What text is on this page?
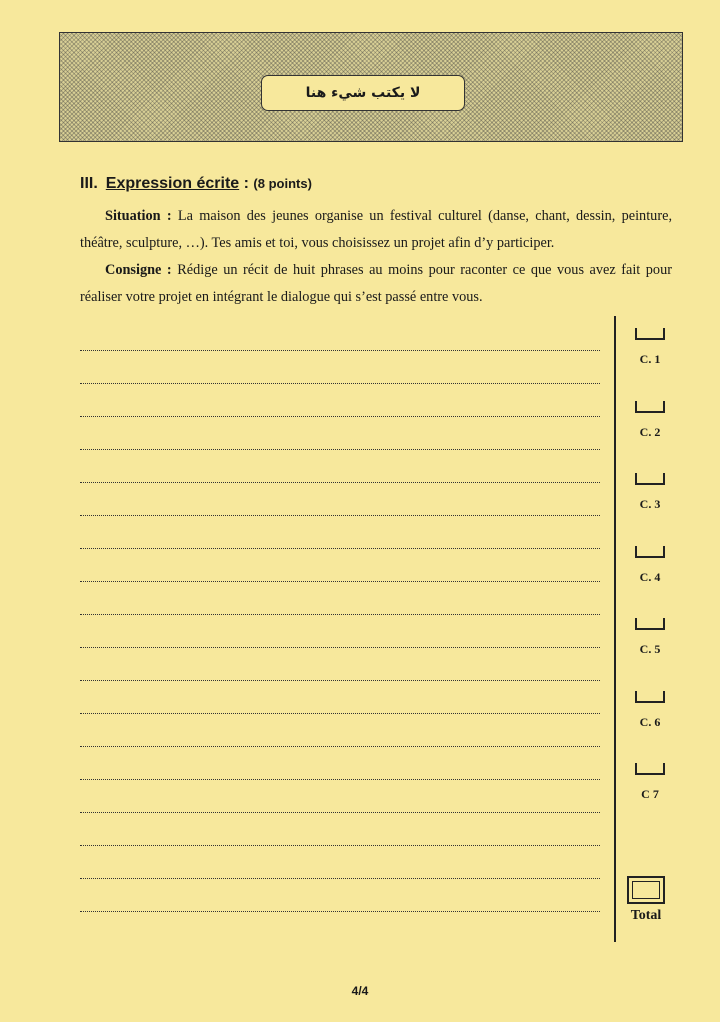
لا يكتب شيء هنا
III. Expression écrite : (8 points)
Situation : La maison des jeunes organise un festival culturel (danse, chant, dessin, peinture, théâtre, sculpture, …). Tes amis et toi, vous choisissez un projet afin d’y participer.
Consigne : Rédige un récit de huit phrases au moins pour raconter ce que vous avez fait pour réaliser votre projet en intégrant le dialogue qui s’est passé entre vous.
C. 1
C. 2
C. 3
C. 4
C. 5
C. 6
C 7
Total
4/4
